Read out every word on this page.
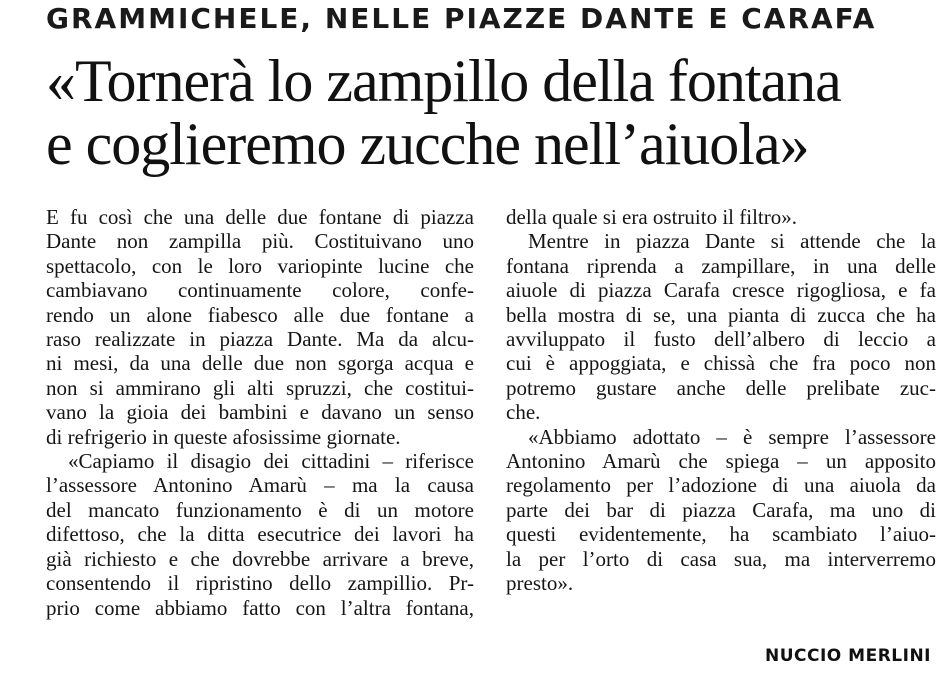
GRAMMICHELE, NELLE PIAZZE DANTE E CARAFA
«Tornerà lo zampillo della fontana
e coglieremo zucche nell’aiuola»
E fu così che una delle due fontane di piazza
Dante non zampilla più. Costituivano uno
spettacolo, con le loro variopinte lucine che
cambiavano continuamente colore, confe-
rendo un alone fiabesco alle due fontane a
raso realizzate in piazza Dante. Ma da alcu-
ni mesi, da una delle due non sgorga acqua e
non si ammirano gli alti spruzzi, che costitui-
vano la gioia dei bambini e davano un senso
di refrigerio in queste afosissime giornate.
«Capiamo il disagio dei cittadini – riferisce
l’assessore Antonino Amarù – ma la causa
del mancato funzionamento è di un motore
difettoso, che la ditta esecutrice dei lavori ha
già richiesto e che dovrebbe arrivare a breve,
consentendo il ripristino dello zampillio. Pr-
prio come abbiamo fatto con l’altra fontana,
della quale si era ostruito il filtro».
Mentre in piazza Dante si attende che la
fontana riprenda a zampillare, in una delle
aiuole di piazza Carafa cresce rigogliosa, e fa
bella mostra di se, una pianta di zucca che ha
avviluppato il fusto dell’albero di leccio a
cui è appoggiata, e chissà che fra poco non
potremo gustare anche delle prelibate zuc-
che.
«Abbiamo adottato – è sempre l’assessore
Antonino Amarù che spiega – un apposito
regolamento per l’adozione di una aiuola da
parte dei bar di piazza Carafa, ma uno di
questi evidentemente, ha scambiato l’aiuo-
la per l’orto di casa sua, ma interverremo
presto».
NUCCIO MERLINI
